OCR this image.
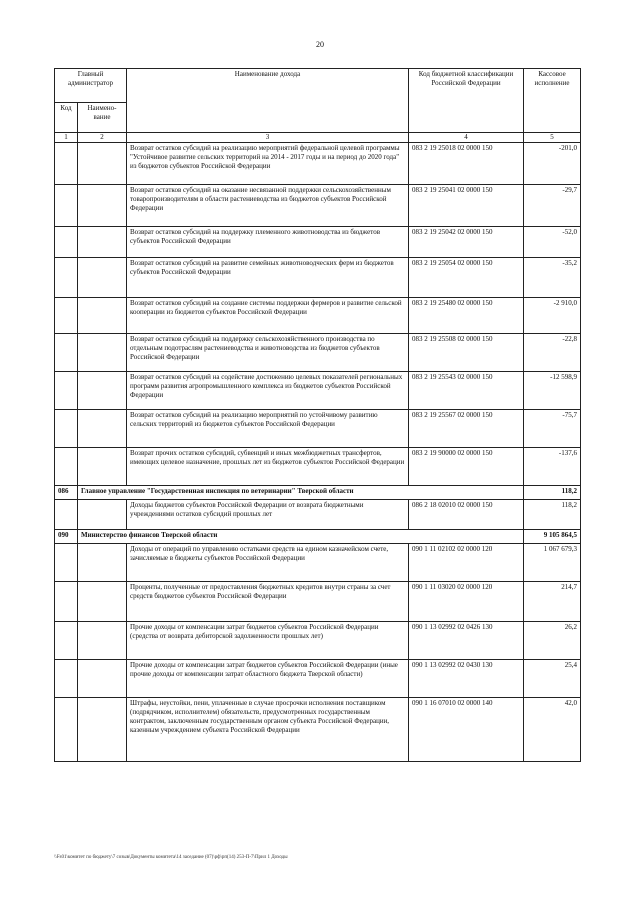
20
Главный администратор		Наименование дохода	Код бюджетной классификации Российской Федерации	Кассовое исполнение
Код	Наимено-
вание			
1	2	3	4	5
		Возврат остатков субсидий на реализацию мероприятий федеральной целевой программы "Устойчивое развитие сельских территорий на 2014 - 2017 годы и на период до 2020 года" из бюджетов субъектов Российской Федерации	083 2 19 25018 02 0000 150	-201,0
		Возврат остатков субсидий на оказание несвязанной поддержки сельскохозяйственным товаропроизводителям в области растениеводства из бюджетов субъектов Российской Федерации	083 2 19 25041 02 0000 150	-29,7
		Возврат остатков субсидий на поддержку племенного животноводства из бюджетов субъектов Российской Федерации	083 2 19 25042 02 0000 150	-52,0
		Возврат остатков субсидий на развитие семейных животноводческих ферм из бюджетов субъектов Российской Федерации	083 2 19 25054 02 0000 150	-35,2
		Возврат остатков субсидий на создание системы поддержки фермеров и развитие сельской кооперации из бюджетов субъектов Российской Федерации	083 2 19 25480 02 0000 150	-2 910,0
		Возврат остатков субсидий на поддержку сельскохозяйственного производства по отдельным подотраслям растениеводства и животноводства из бюджетов субъектов Российской Федерации	083 2 19 25508 02 0000 150	-22,8
		Возврат остатков субсидий на содействие достижению целевых показателей региональных программ развития агропромышленного комплекса из бюджетов субъектов Российской Федерации	083 2 19 25543 02 0000 150	-12 598,9
		Возврат остатков субсидий на реализацию мероприятий по устойчивому развитию сельских территорий из бюджетов субъектов Российской Федерации	083 2 19 25567 02 0000 150	-75,7
		Возврат прочих остатков субсидий, субвенций и иных межбюджетных трансфертов, имеющих целевое назначение, прошлых лет из бюджетов субъектов Российской Федерации	083 2 19 90000 02 0000 150	-137,6
086	Главное управление "Государственная инспекция по ветеринарии" Тверской области			118,2
		Доходы бюджетов субъектов Российской Федерации от возврата бюджетными учреждениями остатков субсидий прошлых лет	086 2 18 02010 02 0000 150	118,2
090	Министерство финансов Тверской области			9 105 864,5
		Доходы от операций по управлению остатками средств на едином казначейском счете, зачисляемые в бюджеты субъектов Российской Федерации	090 1 11 02102 02 0000 120	1 067 679,3
		Проценты, полученные от предоставления бюджетных кредитов внутри страны за счет средств бюджетов субъектов Российской Федерации	090 1 11 03020 02 0000 120	214,7
		Прочие доходы от компенсации затрат бюджетов субъектов Российской Федерации (средства от возврата дебиторской задолженности прошлых лет)	090 1 13 02992 02 0426 130	26,2
		Прочие доходы от компенсации затрат бюджетов субъектов Российской Федерации (иные прочие доходы от компенсации затрат областного бюджета Тверской области)	090 1 13 02992 02 0430 130	25,4
		Штрафы, неустойки, пени, уплаченные в случае просрочки исполнения поставщиком (подрядчиком, исполнителем) обязательств, предусмотренных государственным контрактом, заключенным государственным органом субъекта Российской Федерации, казенным учреждением субъекта Российской Федерации	090 1 16 07010 02 0000 140	42,0
\\Fs01\комитет по бюджету\7 созыв\Документы комитета\14 заседание (07)\рф\рп(14) 253-П-7\Прил 1 Доходы
